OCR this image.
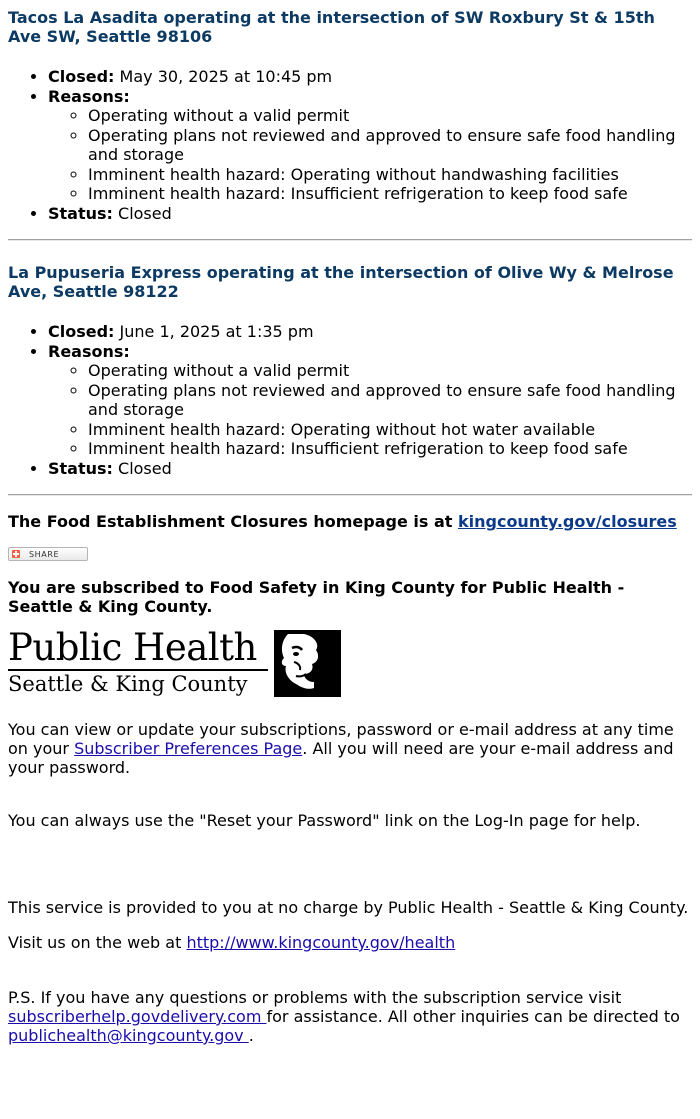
Tacos La Asadita operating at the intersection of SW Roxbury St & 15th Ave SW, Seattle 98106
• Closed: May 30, 2025 at 10:45 pm
• Reasons:
◦ Operating without a valid permit
◦ Operating plans not reviewed and approved to ensure safe food handling and storage
◦ Imminent health hazard: Operating without handwashing facilities
◦ Imminent health hazard: Insufficient refrigeration to keep food safe
• Status: Closed
La Pupuseria Express operating at the intersection of Olive Wy & Melrose Ave, Seattle 98122
• Closed: June 1, 2025 at 1:35 pm
• Reasons:
◦ Operating without a valid permit
◦ Operating plans not reviewed and approved to ensure safe food handling and storage
◦ Imminent health hazard: Operating without hot water available
◦ Imminent health hazard: Insufficient refrigeration to keep food safe
• Status: Closed

The Food Establishment Closures homepage is at kingcounty.gov/closures

SHARE

You are subscribed to Food Safety in King County for Public Health - Seattle & King County.

Public Health
Seattle & King County

You can view or update your subscriptions, password or e-mail address at any time on your Subscriber Preferences Page. All you will need are your e-mail address and your password.

You can always use the "Reset your Password" link on the Log-In page for help.

This service is provided to you at no charge by Public Health - Seattle & King County.

Visit us on the web at http://www.kingcounty.gov/health

P.S. If you have any questions or problems with the subscription service visit subscriberhelp.govdelivery.com for assistance. All other inquiries can be directed to publichealth@kingcounty.gov .
